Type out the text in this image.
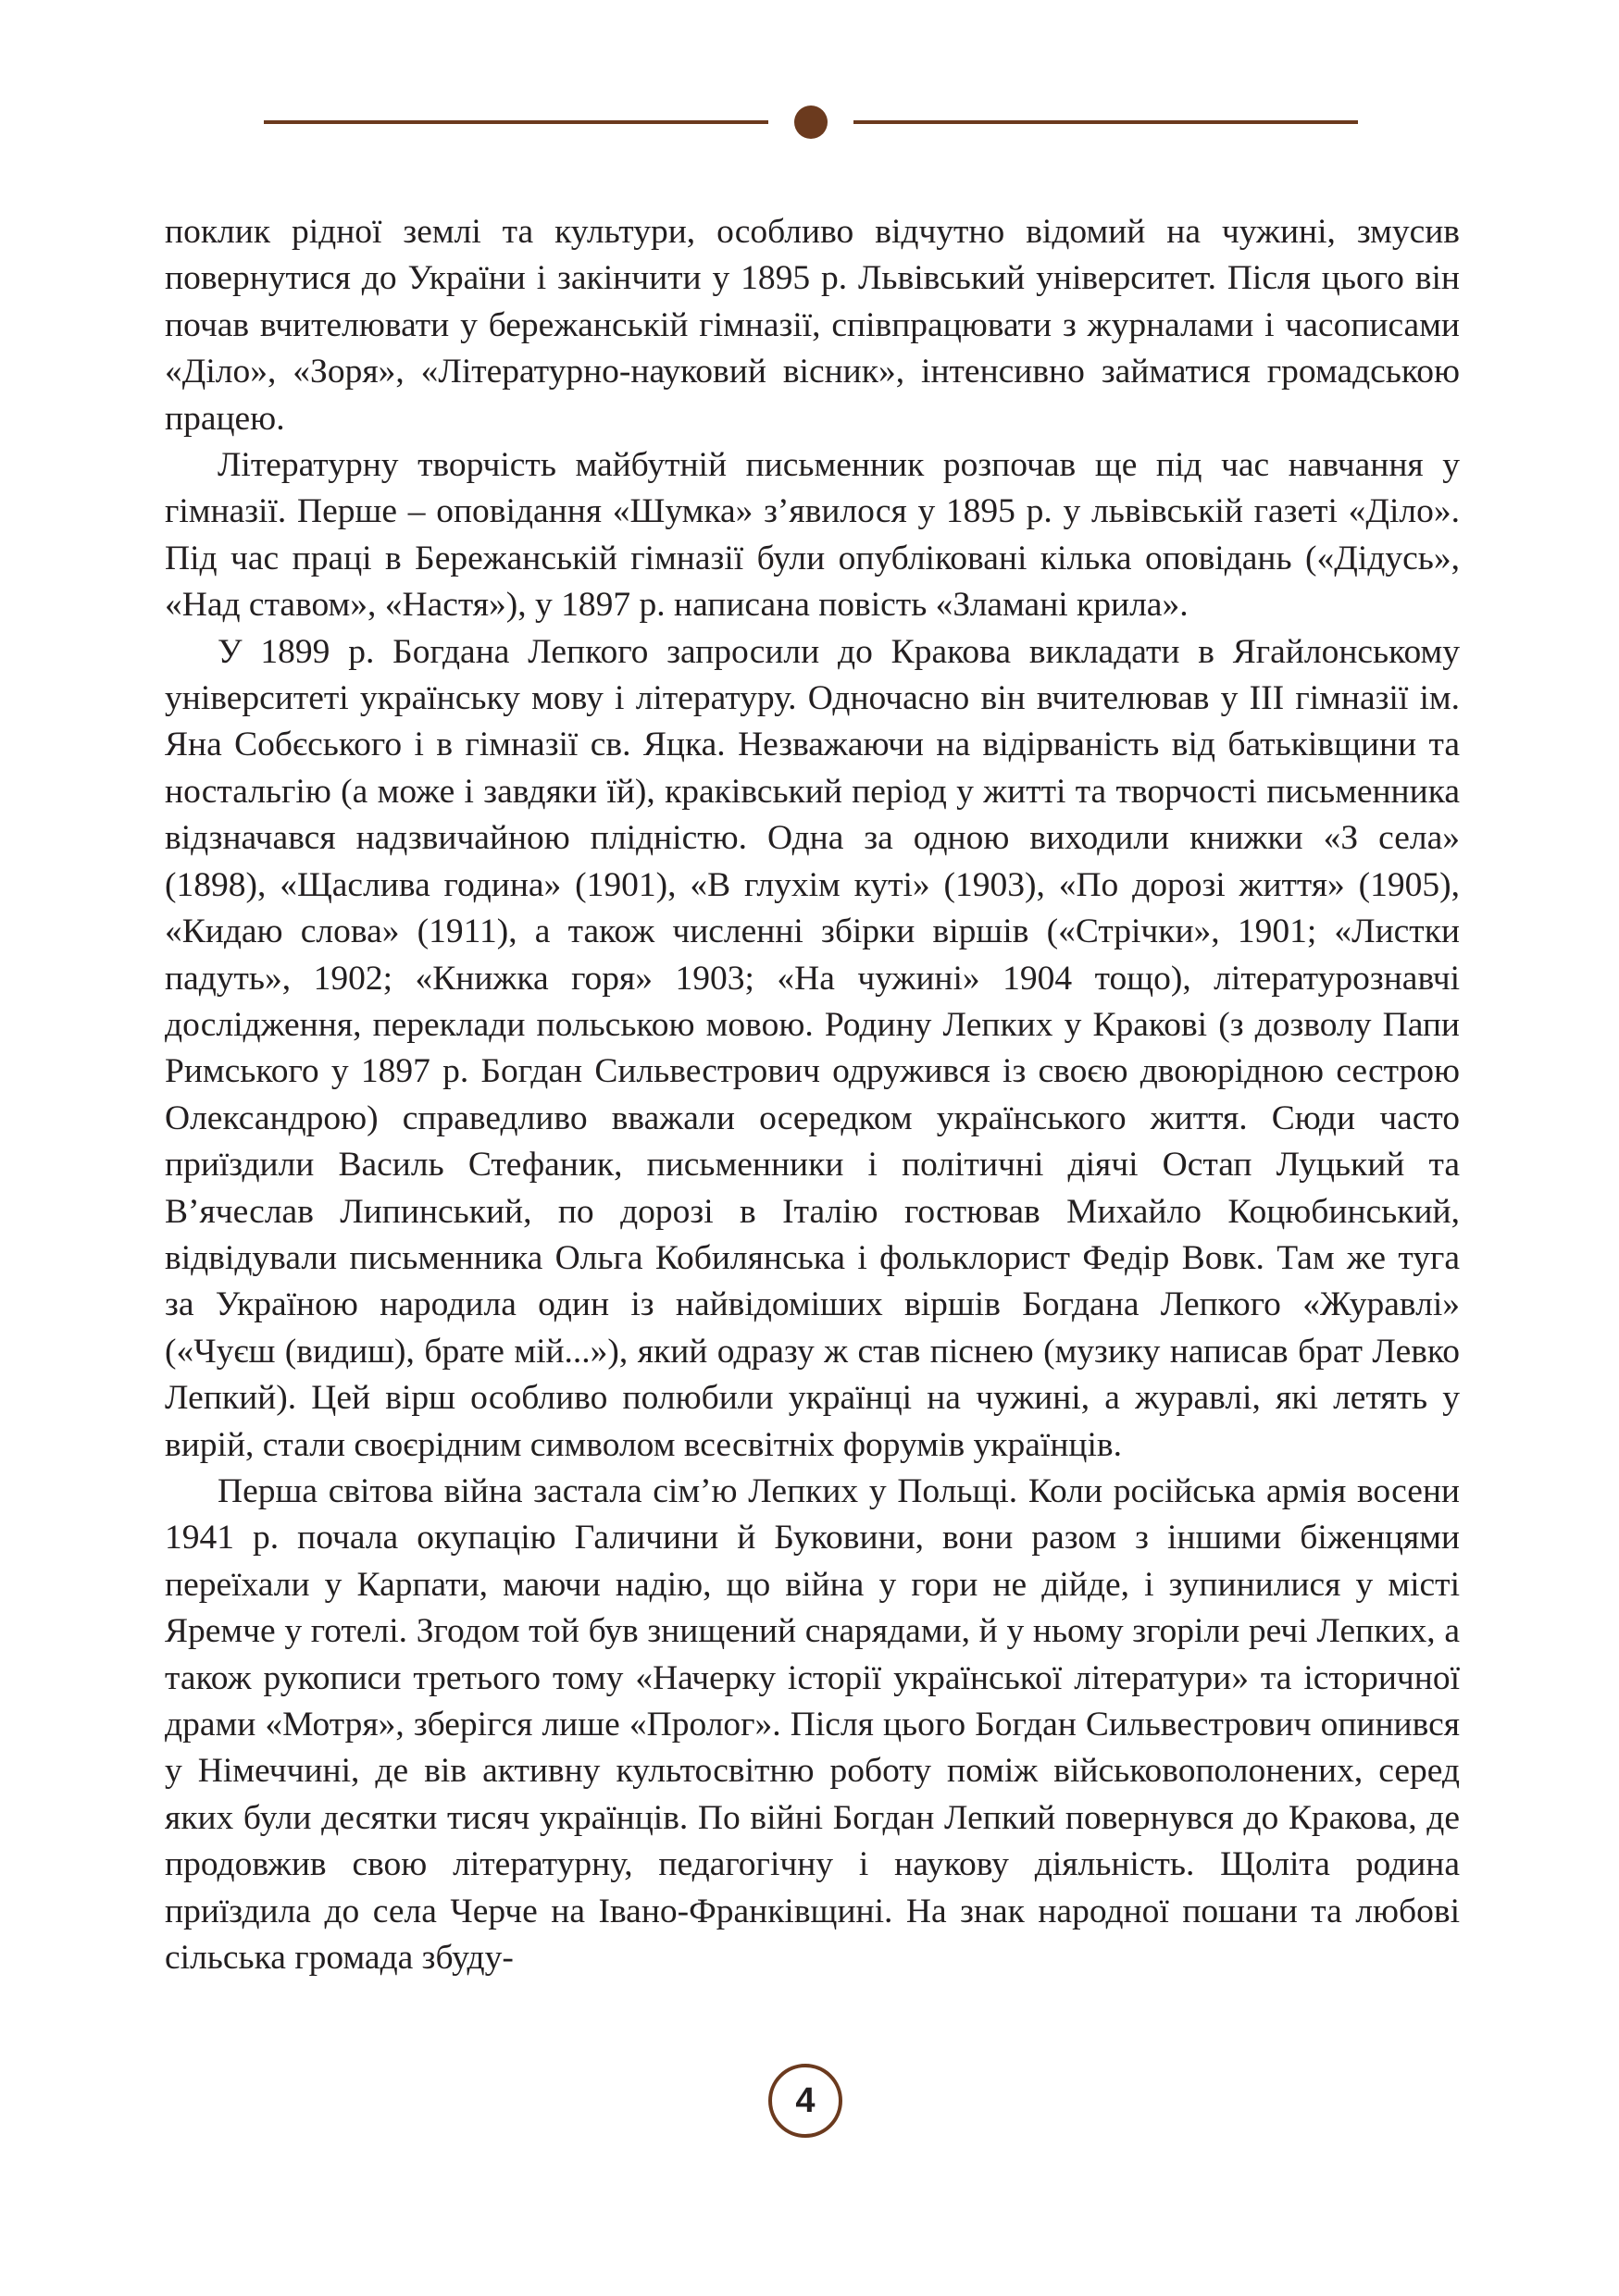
поклик рідної землі та культури, особливо відчутно відомий на чужині, змусив повернутися до України і закінчити у 1895 р. Львівський університет. Після цього він почав вчителювати у бережанській гімназії, співпрацювати з журналами і часописами «Діло», «Зоря», «Літературно-науковий вісник», інтенсивно займатися громадською працею.

Літературну творчість майбутній письменник розпочав ще під час навчання у гімназії. Перше – оповідання «Шумка» з’явилося у 1895 р. у львівській газеті «Діло». Під час праці в Бережанській гімназії були опубліковані кілька оповідань («Дідусь», «Над ставом», «Настя»), у 1897 р. написана повість «Зламані крила».

У 1899 р. Богдана Лепкого запросили до Кракова викладати в Ягайлонському університеті українську мову і літературу. Одночасно він вчителював у ІІІ гімназії ім. Яна Собєського і в гімназії св. Яцка. Незважаючи на відірваність від батьківщини та ностальгію (а може і завдяки їй), краківський період у житті та творчості письменника відзначався надзвичайною плідністю. Одна за одною виходили книжки «З села» (1898), «Щаслива година» (1901), «В глухім куті» (1903), «По дорозі життя» (1905), «Кидаю слова» (1911), а також численні збірки віршів («Стрічки», 1901; «Листки падуть», 1902; «Книжка горя» 1903; «На чужині» 1904 тощо), літературознавчі дослідження, переклади польською мовою. Родину Лепких у Кракові (з дозволу Папи Римського у 1897 р. Богдан Сильвестрович одружився із своєю двоюрідною сестрою Олександрою) справедливо вважали осередком українського життя. Сюди часто приїздили Василь Стефаник, письменники і політичні діячі Остап Луцький та В’ячеслав Липинський, по дорозі в Італію гостював Михайло Коцюбинський, відвідували письменника Ольга Кобилянська і фольклорист Федір Вовк. Там же туга за Україною народила один із найвідоміших віршів Богдана Лепкого «Журавлі» («Чуєш (видиш), брате мій...»), який одразу ж став піснею (музику написав брат Левко Лепкий). Цей вірш особливо полюбили українці на чужині, а журавлі, які летять у вирій, стали своєрідним символом всесвітніх форумів українців.

Перша світова війна застала сім’ю Лепких у Польщі. Коли російська армія восени 1941 р. почала окупацію Галичини й Буковини, вони разом з іншими біженцями переїхали у Карпати, маючи надію, що війна у гори не дійде, і зупинилися у місті Яремче у готелі. Згодом той був знищений снарядами, й у ньому згоріли речі Лепких, а також рукописи третього тому «Начерку історії української літератури» та історичної драми «Мотря», зберігся лише «Пролог». Після цього Богдан Сильвестрович опинився у Німеччині, де вів активну культосвітню роботу поміж військовополонених, серед яких були десятки тисяч українців. По війні Богдан Лепкий повернувся до Кракова, де продовжив свою літературну, педагогічну і наукову діяльність. Щоліта родина приїздила до села Черче на Івано-Франківщині. На знак народної пошани та любові сільська громада збуду-

4
